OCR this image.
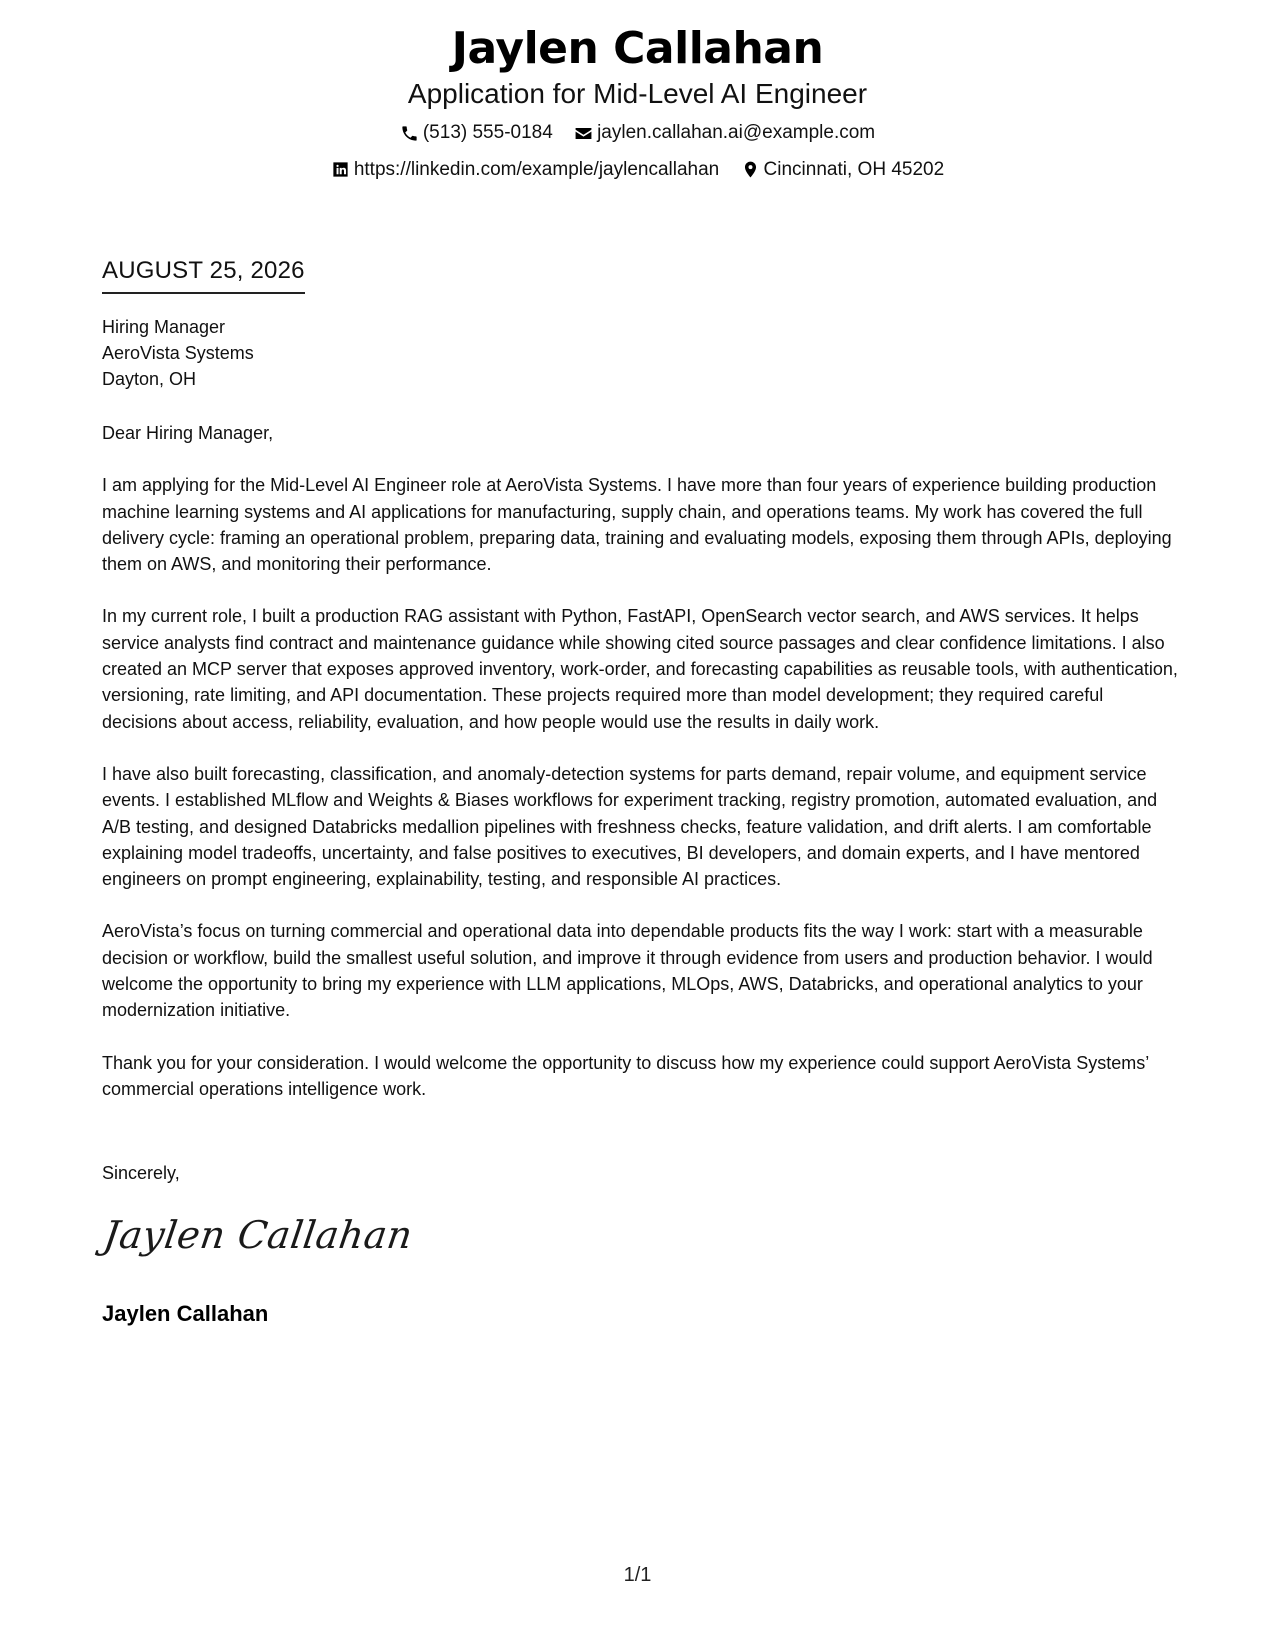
Jaylen Callahan
Application for Mid-Level AI Engineer
(513) 555-0184
jaylen.callahan.ai@example.com
https://linkedin.com/example/jaylencallahan
Cincinnati, OH 45202
AUGUST 25, 2026
Hiring Manager
AeroVista Systems
Dayton, OH

Dear Hiring Manager,

I am applying for the Mid-Level AI Engineer role at AeroVista Systems. I have more than four years of experience building production machine learning systems and AI applications for manufacturing, supply chain, and operations teams. My work has covered the full delivery cycle: framing an operational problem, preparing data, training and evaluating models, exposing them through APIs, deploying them on AWS, and monitoring their performance.

In my current role, I built a production RAG assistant with Python, FastAPI, OpenSearch vector search, and AWS services. It helps service analysts find contract and maintenance guidance while showing cited source passages and clear confidence limitations. I also created an MCP server that exposes approved inventory, work-order, and forecasting capabilities as reusable tools, with authentication, versioning, rate limiting, and API documentation. These projects required more than model development; they required careful decisions about access, reliability, evaluation, and how people would use the results in daily work.

I have also built forecasting, classification, and anomaly-detection systems for parts demand, repair volume, and equipment service events. I established MLflow and Weights & Biases workflows for experiment tracking, registry promotion, automated evaluation, and A/B testing, and designed Databricks medallion pipelines with freshness checks, feature validation, and drift alerts. I am comfortable explaining model tradeoffs, uncertainty, and false positives to executives, BI developers, and domain experts, and I have mentored engineers on prompt engineering, explainability, testing, and responsible AI practices.

AeroVista’s focus on turning commercial and operational data into dependable products fits the way I work: start with a measurable decision or workflow, build the smallest useful solution, and improve it through evidence from users and production behavior. I would welcome the opportunity to bring my experience with LLM applications, MLOps, AWS, Databricks, and operational analytics to your modernization initiative.

Thank you for your consideration. I would welcome the opportunity to discuss how my experience could support AeroVista Systems’ commercial operations intelligence work.

Sincerely,
Jaylen Callahan
Jaylen Callahan
1/1
